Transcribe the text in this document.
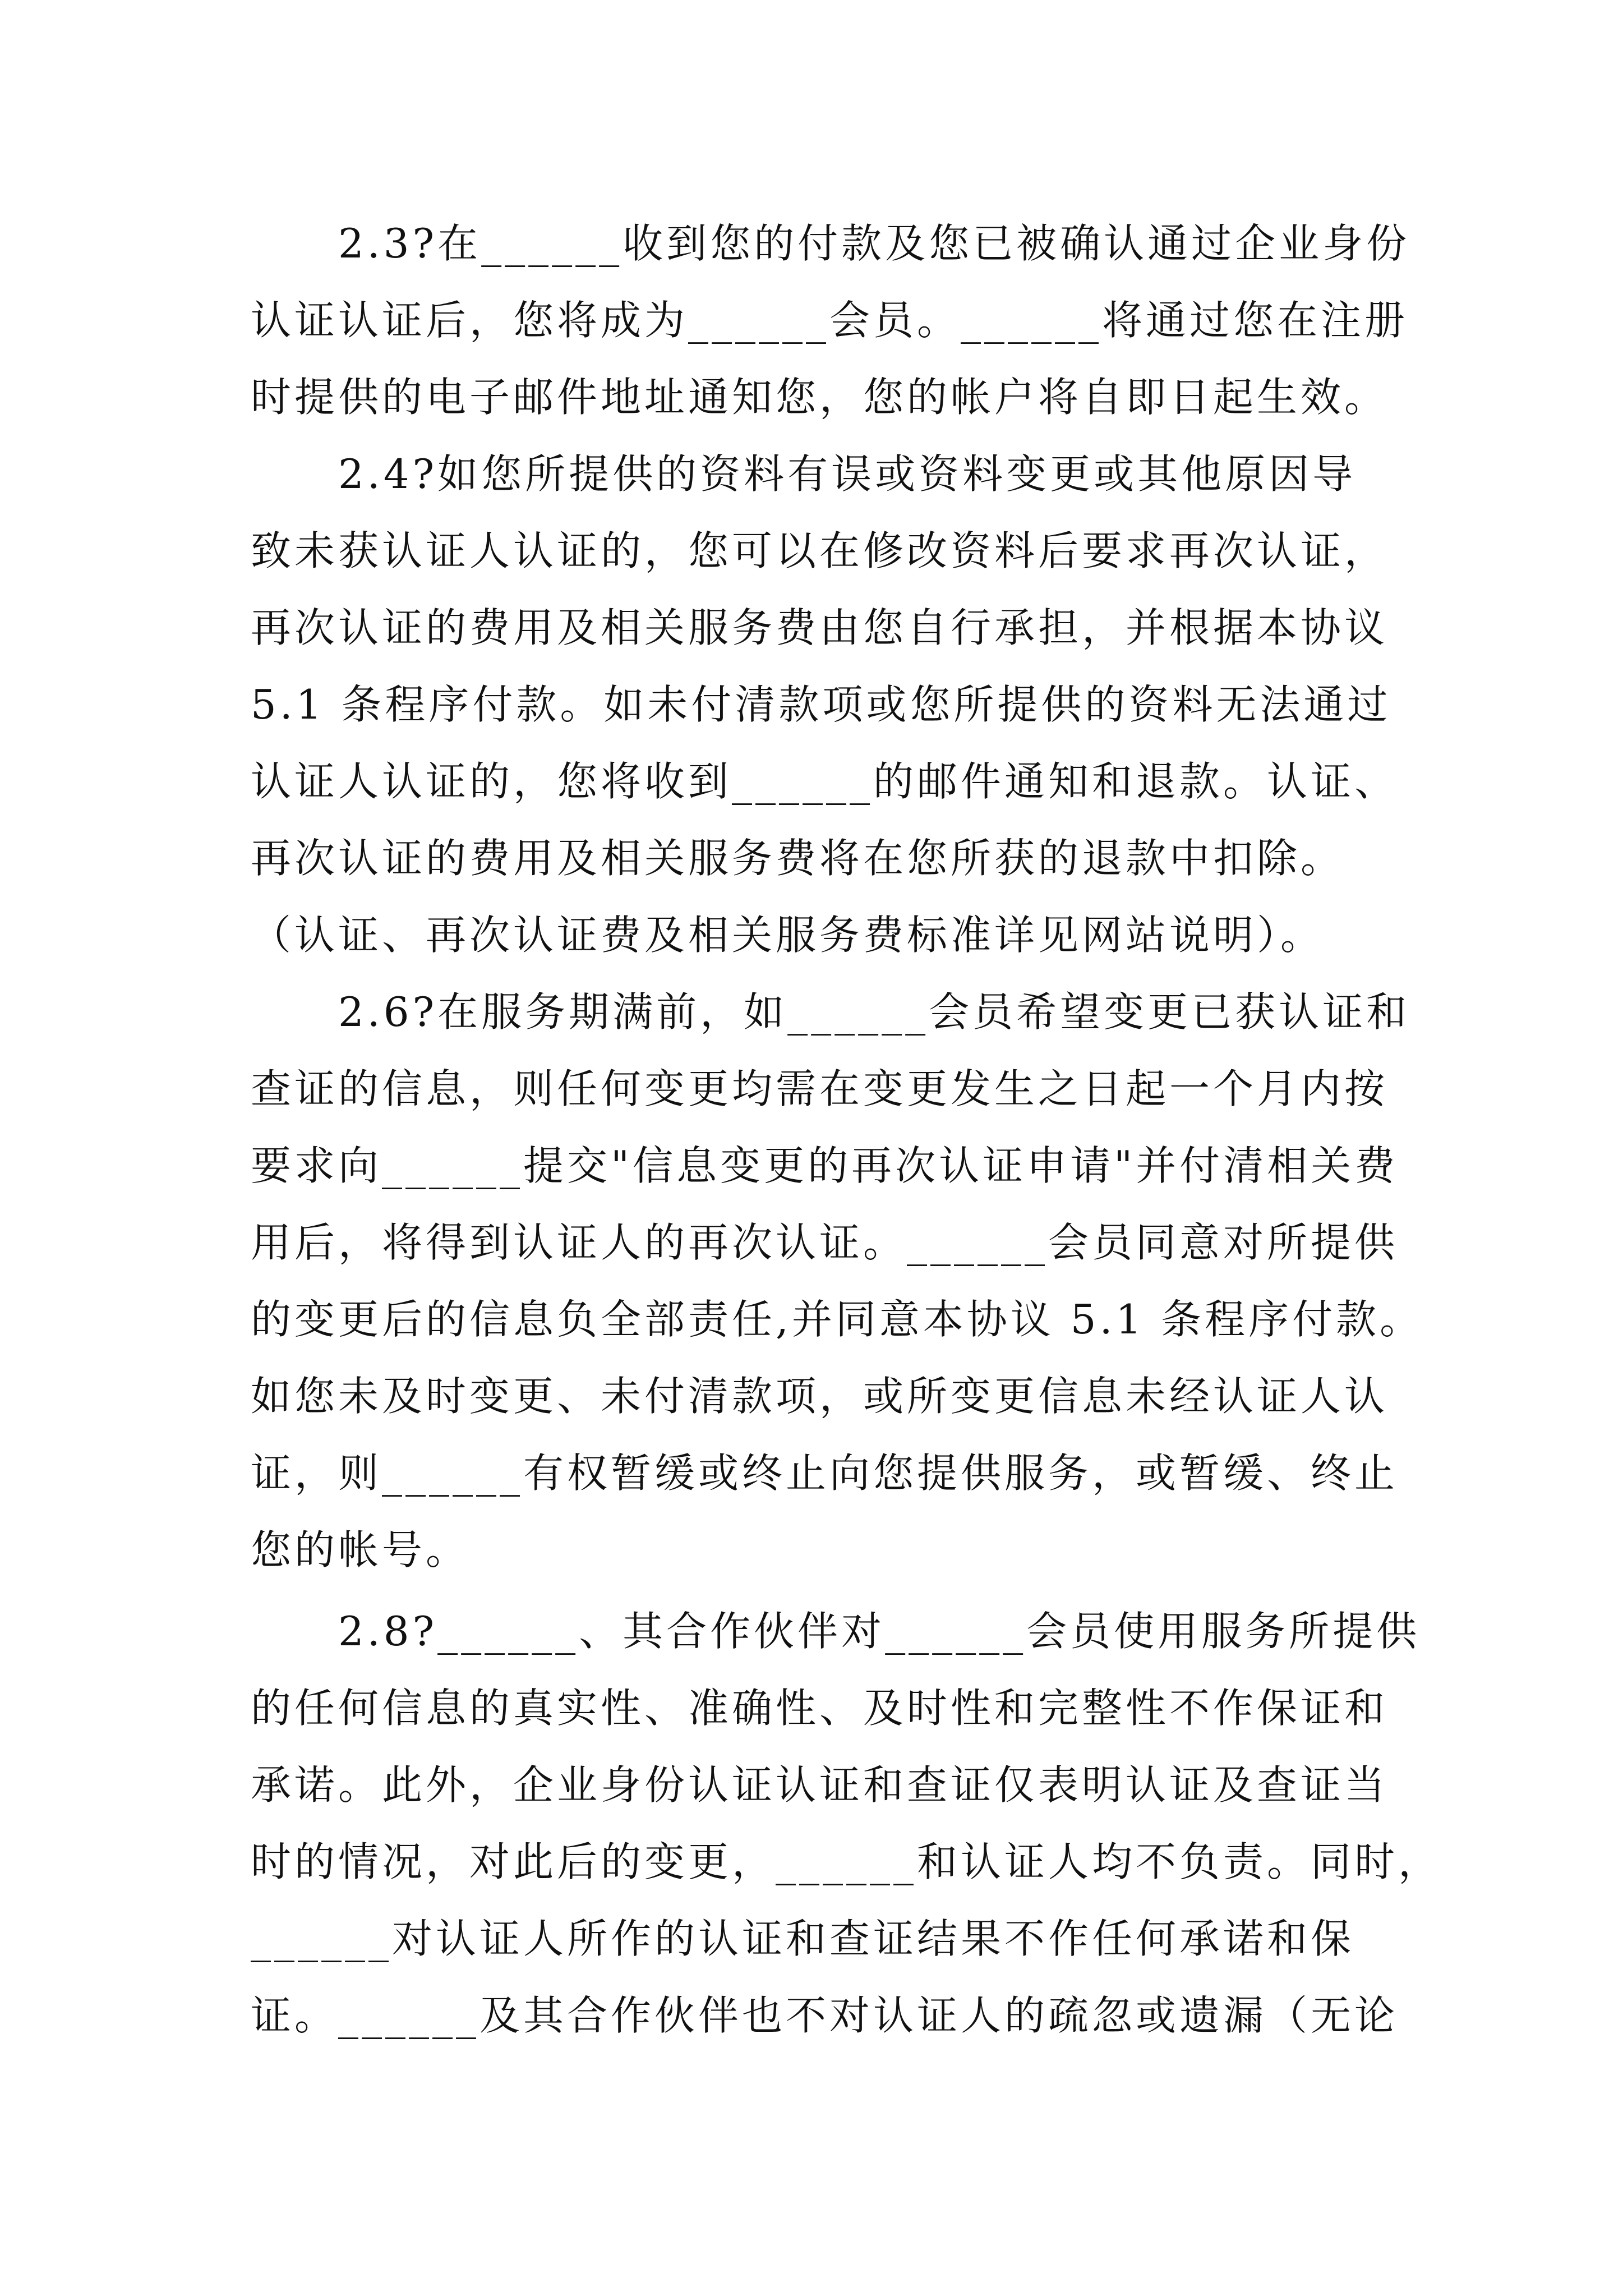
2.3?在______收到您的付款及您已被确认通过企业身份
认证认证后，您将成为______会员。______将通过您在注册
时提供的电子邮件地址通知您，您的帐户将自即日起生效。
2.4?如您所提供的资料有误或资料变更或其他原因导
致未获认证人认证的，您可以在修改资料后要求再次认证，
再次认证的费用及相关服务费由您自行承担，并根据本协议
5.1 条程序付款。如未付清款项或您所提供的资料无法通过
认证人认证的，您将收到______的邮件通知和退款。认证、
再次认证的费用及相关服务费将在您所获的退款中扣除。
（认证、再次认证费及相关服务费标准详见网站说明）。
2.6?在服务期满前，如______会员希望变更已获认证和
查证的信息，则任何变更均需在变更发生之日起一个月内按
要求向______提交"信息变更的再次认证申请"并付清相关费
用后，将得到认证人的再次认证。______会员同意对所提供
的变更后的信息负全部责任,并同意本协议 5.1 条程序付款。
如您未及时变更、未付清款项，或所变更信息未经认证人认
证，则______有权暂缓或终止向您提供服务，或暂缓、终止
您的帐号。
2.8?______、其合作伙伴对______会员使用服务所提供
的任何信息的真实性、准确性、及时性和完整性不作保证和
承诺。此外，企业身份认证认证和查证仅表明认证及查证当
时的情况，对此后的变更，______和认证人均不负责。同时，
______对认证人所作的认证和查证结果不作任何承诺和保
证。______及其合作伙伴也不对认证人的疏忽或遗漏（无论
